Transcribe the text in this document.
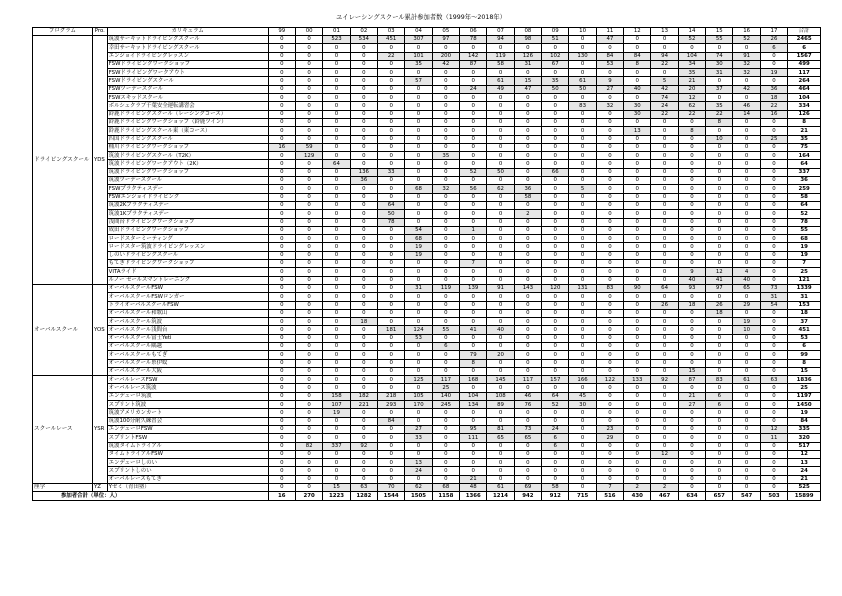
ユイレーシングスクール累計参加者数（1999年～2018年）
プログラム	Pro.	カリキュラム	99	00	01	02	03	04	05	06	07	08	09	10	11	12	13	14	15	16	17	合計
ドライビングスクール	YDS	筑波サーキットドライビングスクール	0	0	523	534	451	307	97	78	94	98	51	0	47	0	0	52	55	52	26	2465
		幸田サーキットドライビングスクール	0	0	0	0	0	0	0	0	0	0	0	0	0	0	0	0	0	0	6	6
		エンジョイドライビングレッスン	0	0	0	0	22	101	200	142	119	126	102	130	84	84	94	104	74	91	0	1567
		FSWドライビングワークショップ	0	0	0	0	0	35	42	87	58	31	67	0	53	8	22	34	30	32	0	499
		FSWドライビングワークアウト	0	0	0	0	0	0	0	0	0	0	0	0	0	0	0	35	31	32	19	117
		FSWドライビングスクール	0	0	0	0	0	57	0	0	61	15	35	61	9	0	5	21	0	0	0	264
		FSWツーデースクール	0	0	0	0	0	0	0	24	49	47	50	50	27	40	42	20	37	42	36	464
		FSWスキッドスクール	0	0	0	0	0	0	0	0	0	0	0	0	0	0	74	12	0	0	18	104
		ボルシェクラブ千葉安全運転講習会	0	0	0	0	0	0	0	0	0	0	0	83	32	30	24	62	35	46	22	334
		鈴鹿ドライビングスクール（レーシングコース）	0	0	0	0	0	0	0	0	0	0	0	0	0	30	22	22	22	14	16	126
		鈴鹿ドライビングワークショップ（鈴鹿ツイン）	0	0	0	0	0	0	0	0	0	0	0	0	0	0	0	0	8	0	0	8
		鈴鹿ドライビングスクール東（東コース）	0	0	0	0	0	0	0	0	0	0	0	0	0	13	0	8	0	0	0	21
		四国ドライビングスクール	0	0	0	0	0	0	0	0	0	0	0	0	0	0	0	0	10	0	25	35
		桶川ドライビングワークショップ	16	59	0	0	0	0	0	0	0	0	0	0	0	0	0	0	0	0	0	75
		筑波ドライビングスクール（T2K）	0	129	0	0	0	0	35	0	0	0	0	0	0	0	0	0	0	0	0	164
		筑波ドライビングワークアウト（2K）	0	0	64	0	0	0	0	0	0	0	0	0	0	0	0	0	0	0	0	64
		筑波ドライビングワークショップ	0	0	0	136	33	0	0	52	50	0	66	0	0	0	0	0	0	0	0	337
		筑波ツーデースクール	0	0	0	36	0	0	0	0	0	0	0	0	0	0	0	0	0	0	0	36
		FSWプラクティスデー	0	0	0	0	0	68	32	56	62	36	0	5	0	0	0	0	0	0	0	259
		FSWエンジョイドライビング	0	0	0	0	0	0	0	0	0	58	0	0	0	0	0	0	0	0	0	58
		筑波2Kプラクティスデー	0	0	0	0	64	0	0	0	0	0	0	0	0	0	0	0	0	0	0	64
		筑波1Kプラクティスデー	0	0	0	0	50	0	0	0	0	2	0	0	0	0	0	0	0	0	0	52
		浅間台ドライビングワークショップ	0	0	0	0	78	0	0	0	0	0	0	0	0	0	0	0	0	0	0	78
		成田ドライビングワークショップ	0	0	0	0	0	54	0	1	0	0	0	0	0	0	0	0	0	0	0	55
		ロードスターミーティング	0	0	0	0	0	68	0	0	0	0	0	0	0	0	0	0	0	0	0	68
		ロードスター筑波ドライビングレッスン	0	0	0	0	0	19	0	0	0	0	0	0	0	0	0	0	0	0	0	19
		しのいドライビングスクール	0	0	0	0	0	19	0	0	0	0	0	0	0	0	0	0	0	0	0	19
		もてぎドライビングワークショップ	0	0	0	0	0	0	0	7	0	0	0	0	0	0	0	0	0	0	0	7
		VITAライド	0	0	0	0	0	0	0	0	0	0	0	0	0	0	0	9	12	4	0	25
		ルノー セールスマントレーニング	0	0	0	0	0	0	0	0	0	0	0	0	0	0	0	40	41	40	0	121
オーバルスクール	YOS	オーバルスクールFSW	0	0	0	0	0	31	119	139	91	143	120	131	83	90	64	93	97	65	73	1339
		オーバルスクールFSWロンガー	0	0	0	0	0	0	0	0	0	0	0	0	0	0	0	0	0	0	31	31
		トライオーバルスクールFSW	0	0	0	0	0	0	0	0	0	0	0	0	0	0	26	18	26	29	54	153
		オーバルスクール和歌山	0	0	0	0	0	0	0	0	0	0	0	0	0	0	0	0	18	0	0	18
		オーバルスクール筑波	0	0	0	18	0	0	0	0	0	0	0	0	0	0	0	0	0	19	0	37
		オーバルスクール浅間台	0	0	0	0	181	124	55	41	40	0	0	0	0	0	0	0	0	10	0	451
		オーバルスクール富士Yeti	0	0	0	0	0	53	0	0	0	0	0	0	0	0	0	0	0	0	0	53
		オーバルスクール隅越	0	0	0	0	0	0	6	0	0	0	0	0	0	0	0	0	0	0	0	6
		オーバルスクールもてぎ	0	0	0	0	0	0	0	79	20	0	0	0	0	0	0	0	0	0	0	99
		オーバルスクール糸伊蚊	0	0	0	0	0	0	0	8	0	0	0	0	0	0	0	0	0	0	0	8
		オーバルスクール大阪	0	0	0	0	0	0	0	0	0	0	0	0	0	0	0	15	0	0	0	15
スクールレース	YSR	オーバルレースFSW	0	0	0	0	0	125	117	168	145	117	157	166	122	133	92	87	83	61	63	1836
		オーバルレース筑波	0	0	0	0	0	0	25	0	0	0	0	0	0	0	0	0	0	0	0	25
		エンデューロ筑波	0	0	158	182	218	105	140	104	108	46	64	45	0	0	0	21	6	0	0	1197
		スプリント筑波	0	0	107	221	293	170	245	134	89	76	52	30	0	0	0	27	6	0	0	1450
		筑波アメリカンカート	0	0	19	0	0	0	0	0	0	0	0	0	0	0	0	0	0	0	0	19
		筑波100分耐久練習会	0	0	0	0	84	0	0	0	0	0	0	0	0	0	0	0	0	0	0	84
		エンデューロFSW	0	0	0	0	0	27	0	95	81	73	24	0	23	0	0	0	0	0	12	335
		スプリントFSW	0	0	0	0	0	33	0	111	65	65	6	0	29	0	0	0	0	0	11	320
		筑波タイムトライアル	0	82	337	92	0	0	0	0	0	0	6	0	0	0	0	0	0	0	0	517
		タイムトライアルFSW	0	0	0	0	0	0	0	0	0	0	0	0	0	0	12	0	0	0	0	12
		エンデューロしのい	0	0	0	0	0	13	0	0	0	0	0	0	0	0	0	0	0	0	0	13
		スプリントしのい	0	0	0	0	0	24	0	0	0	0	0	0	0	0	0	0	0	0	0	24
		オーバルレースもてぎ	0	0	0	0	0	0	0	21	0	0	0	0	0	0	0	0	0	0	0	21
座学	YZ	Yゼミ（青田塾）	0	0	15	63	70	62	68	48	61	69	58	0	7	2	2	0	0	0	0	525
参加者合計（単位：人）			16	270	1223	1282	1544	1505	1158	1366	1214	942	912	715	516	430	467	634	657	547	503	15899
